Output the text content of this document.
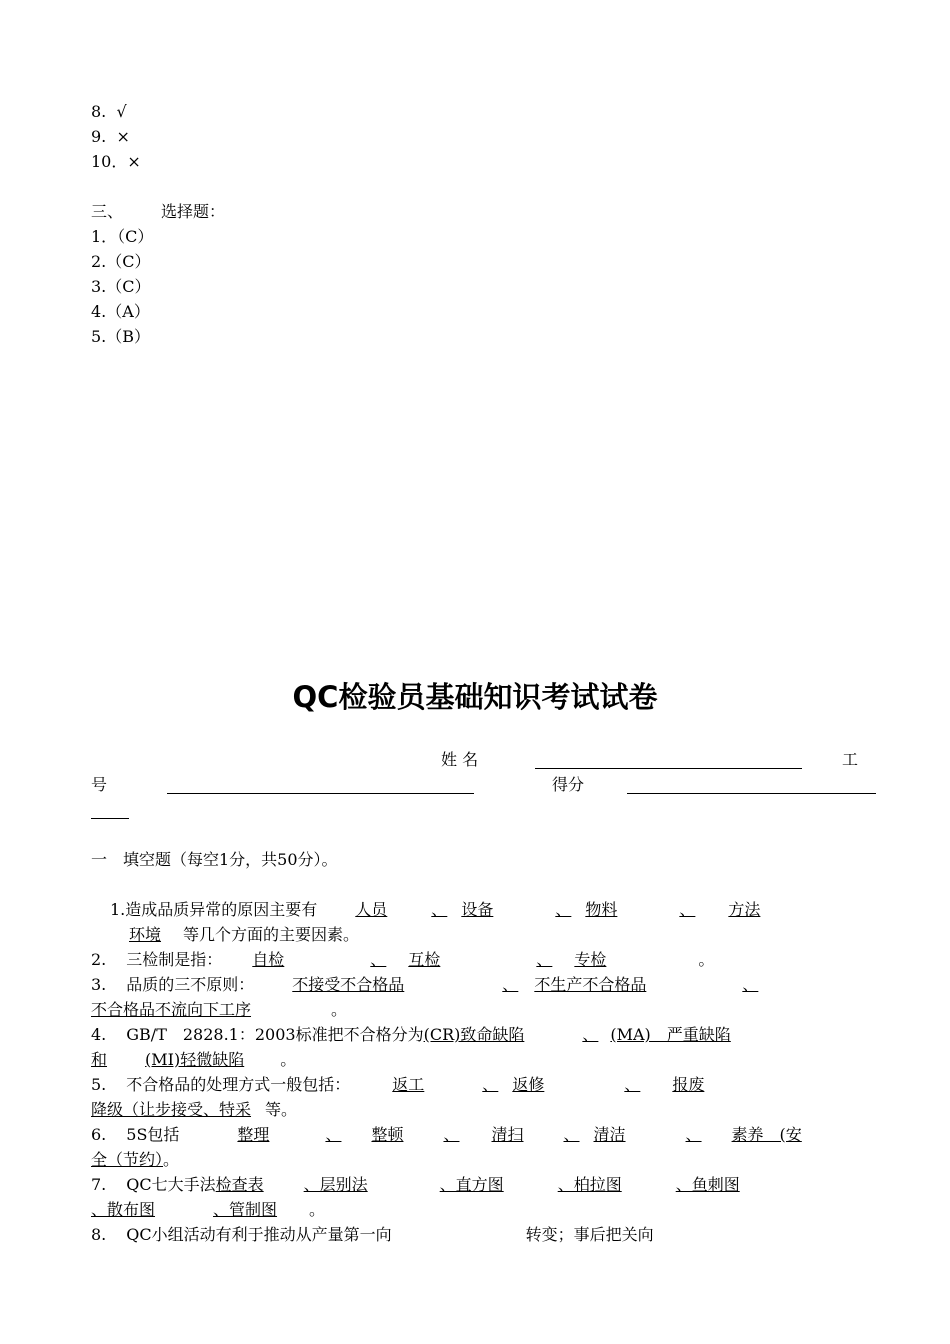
8. √
9. ×
10．×
三、 选择题：
1．（C）
2.（C）
3.（C）
4.（A）
5.（B）
QC检验员基础知识考试试卷
姓 名	工
号	得分
一　填空题（每空1分，共50分）。
1.造成品质异常的原因主要有 人员	、 设备	、 物料	、 方法
环境 等几个方面的主要因素。
2. 三检制是指： 自检	、 互检	、 专检	。
3. 品质的三不原则： 不接受不合格品	、 不生产不合格品	、
不合格品不流向下工序	。
4. GB/T　2828.1：2003标准把不合格分为(CR)致命缺陷	、 (MA)　严重缺陷
和 (MI)轻微缺陷 。
5. 不合格品的处理方式一般包括：	返工	、 返修	、 报废
降级（让步接受、特采 等。
6. 5S包括	整理	、 整顿	、 清扫	、 清洁	、 素养　(安
全（节约）。
7. QC七大手法检查表	、层别法	、直方图	、柏拉图	、鱼刺图
、散布图	、管制图 。
8. QC小组活动有利于推动从产量第一向	转变；事后把关向
